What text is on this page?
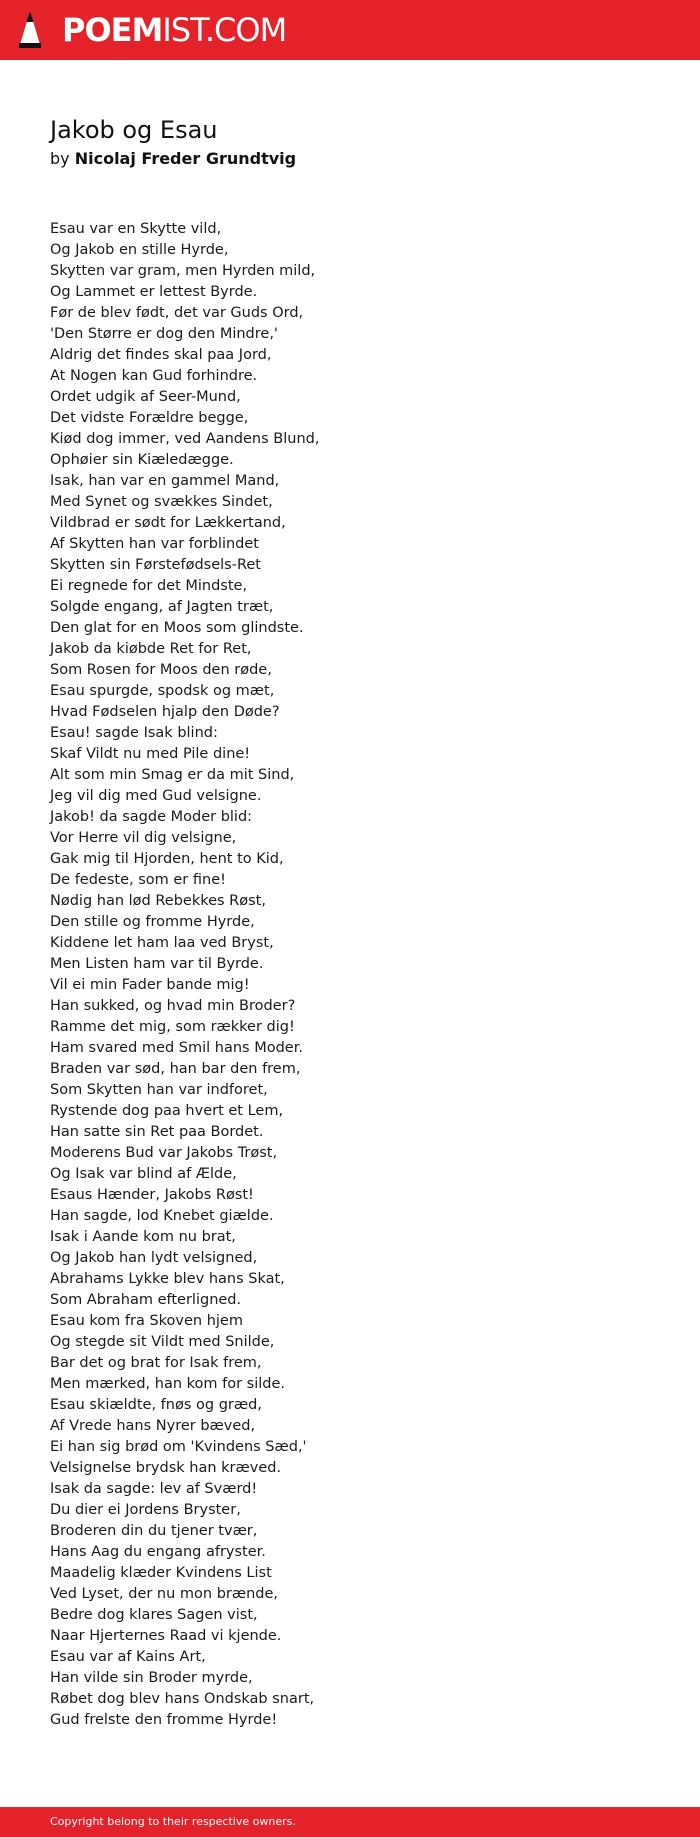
POEMIST.COM
Jakob og Esau
by Nicolaj Freder Grundtvig
Esau var en Skytte vild,
Og Jakob en stille Hyrde,
Skytten var gram, men Hyrden mild,
Og Lammet er lettest Byrde.
Før de blev født, det var Guds Ord,
'Den Større er dog den Mindre,'
Aldrig det findes skal paa Jord,
At Nogen kan Gud forhindre.
Ordet udgik af Seer-Mund,
Det vidste Forældre begge,
Kiød dog immer, ved Aandens Blund,
Ophøier sin Kiæledægge.
Isak, han var en gammel Mand,
Med Synet og svækkes Sindet,
Vildbrad er sødt for Lækkertand,
Af Skytten han var forblindet
Skytten sin Førstefødsels-Ret
Ei regnede for det Mindste,
Solgde engang, af Jagten træt,
Den glat for en Moos som glindste.
Jakob da kiøbde Ret for Ret,
Som Rosen for Moos den røde,
Esau spurgde, spodsk og mæt,
Hvad Fødselen hjalp den Døde?
Esau! sagde Isak blind:
Skaf Vildt nu med Pile dine!
Alt som min Smag er da mit Sind,
Jeg vil dig med Gud velsigne.
Jakob! da sagde Moder blid:
Vor Herre vil dig velsigne,
Gak mig til Hjorden, hent to Kid,
De fedeste, som er fine!
Nødig han lød Rebekkes Røst,
Den stille og fromme Hyrde,
Kiddene let ham laa ved Bryst,
Men Listen ham var til Byrde.
Vil ei min Fader bande mig!
Han sukked, og hvad min Broder?
Ramme det mig, som rækker dig!
Ham svared med Smil hans Moder.
Braden var sød, han bar den frem,
Som Skytten han var indforet,
Rystende dog paa hvert et Lem,
Han satte sin Ret paa Bordet.
Moderens Bud var Jakobs Trøst,
Og Isak var blind af Ælde,
Esaus Hænder, Jakobs Røst!
Han sagde, lod Knebet giælde.
Isak i Aande kom nu brat,
Og Jakob han lydt velsigned,
Abrahams Lykke blev hans Skat,
Som Abraham efterligned.
Esau kom fra Skoven hjem
Og stegde sit Vildt med Snilde,
Bar det og brat for Isak frem,
Men mærked, han kom for silde.
Esau skiældte, fnøs og græd,
Af Vrede hans Nyrer bæved,
Ei han sig brød om 'Kvindens Sæd,'
Velsignelse brydsk han kræved.
Isak da sagde: lev af Sværd!
Du dier ei Jordens Bryster,
Broderen din du tjener tvær,
Hans Aag du engang afryster.
Maadelig klæder Kvindens List
Ved Lyset, der nu mon brænde,
Bedre dog klares Sagen vist,
Naar Hjerternes Raad vi kjende.
Esau var af Kains Art,
Han vilde sin Broder myrde,
Røbet dog blev hans Ondskab snart,
Gud frelste den fromme Hyrde!
Copyright belong to their respective owners.
